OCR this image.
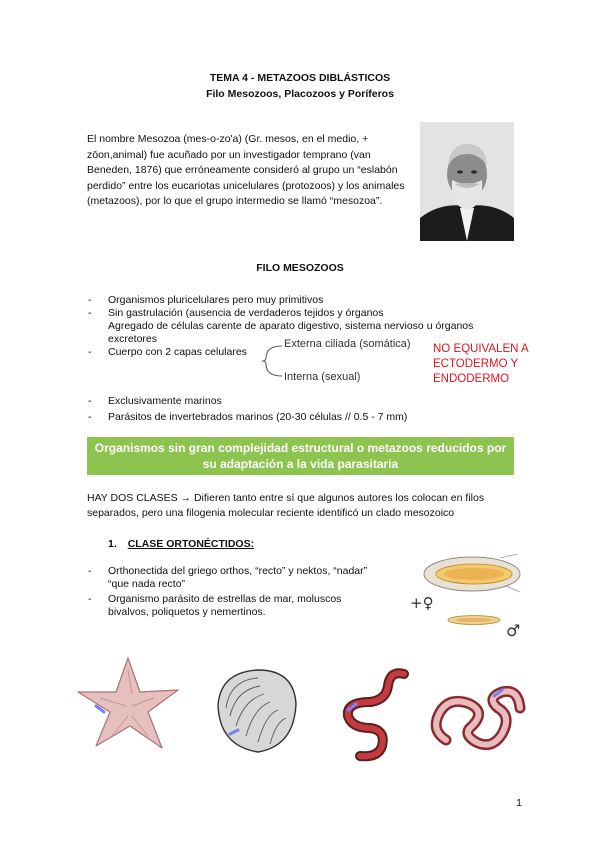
TEMA 4 - METAZOOS DIBLÁSTICOS
Filo Mesozoos, Placozoos y Poríferos
El nombre Mesozoa (mes-o-zo'a) (Gr. mesos, en el medio, +
zōon,animal) fue acuñado por un investigador temprano (van
Beneden, 1876) que erróneamente consideró al grupo un “eslabón
perdido” entre los eucariotas unicelulares (protozoos) y los animales
(metazoos), por lo que el grupo intermedio se llamó “mesozoa”.
FILO MESOZOOS
- Organismos pluricelulares pero muy primitivos
- Sin gastrulación (ausencia de verdaderos tejidos y órganos
Agregado de células carente de aparato digestivo, sistema nervioso u órganos
excretores
- Cuerpo con 2 capas celulares
Externa ciliada (somática)
Interna (sexual)
NO EQUIVALEN A
ECTODERMO Y
ENDODERMO
- Exclusivamente marinos
- Parásitos de invertebrados marinos (20-30 células // 0.5 - 7 mm)
Organismos sin gran complejidad estructural o metazoos reducidos por
su adaptación a la vida parasitaria
HAY DOS CLASES → Difieren tanto entre sí que algunos autores los colocan en filos
separados, pero una filogenia molecular reciente identificó un clado mesozoico
1. CLASE ORTONÉCTIDOS:
- Orthonectida del griego orthos, “recto” y nektos, “nadar”
“que nada recto”
- Organismo parásito de estrellas de mar, moluscos
bivalvos, poliquetos y nemertinos.	+♀
♂
1
